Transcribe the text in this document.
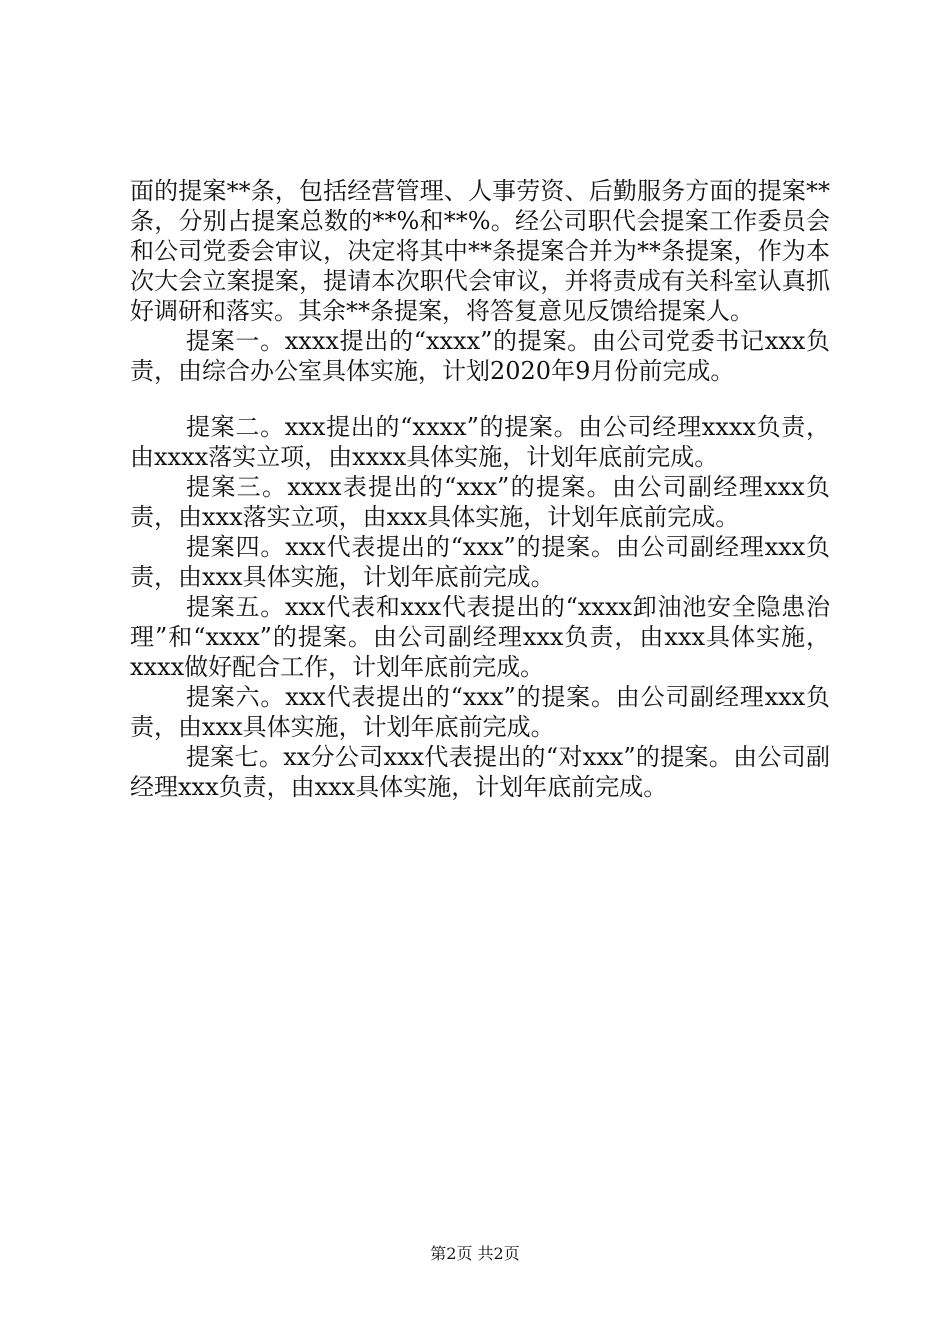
面的提案**条，包括经营管理、人事劳资、后勤服务方面的提案**条，分别占提案总数的**%和**%。经公司职代会提案工作委员会和公司党委会审议，决定将其中**条提案合并为**条提案，作为本次大会立案提案，提请本次职代会审议，并将责成有关科室认真抓好调研和落实。其余**条提案，将答复意见反馈给提案人。

提案一。xxxx提出的“xxxx”的提案。由公司党委书记xxx负责，由综合办公室具体实施，计划2020年9月份前完成。

提案二。xxx提出的“xxxx”的提案。由公司经理xxxx负责，由xxxx落实立项，由xxxx具体实施，计划年底前完成。

提案三。xxxx表提出的“xxx”的提案。由公司副经理xxx负责，由xxx落实立项，由xxx具体实施，计划年底前完成。

提案四。xxx代表提出的“xxx”的提案。由公司副经理xxx负责，由xxx具体实施，计划年底前完成。

提案五。xxx代表和xxx代表提出的“xxxx卸油池安全隐患治理”和“xxxx”的提案。由公司副经理xxx负责，由xxx具体实施，xxxx做好配合工作，计划年底前完成。

提案六。xxx代表提出的“xxx”的提案。由公司副经理xxx负责，由xxx具体实施，计划年底前完成。

提案七。xx分公司xxx代表提出的“对xxx”的提案。由公司副经理xxx负责，由xxx具体实施，计划年底前完成。

第2页 共2页
